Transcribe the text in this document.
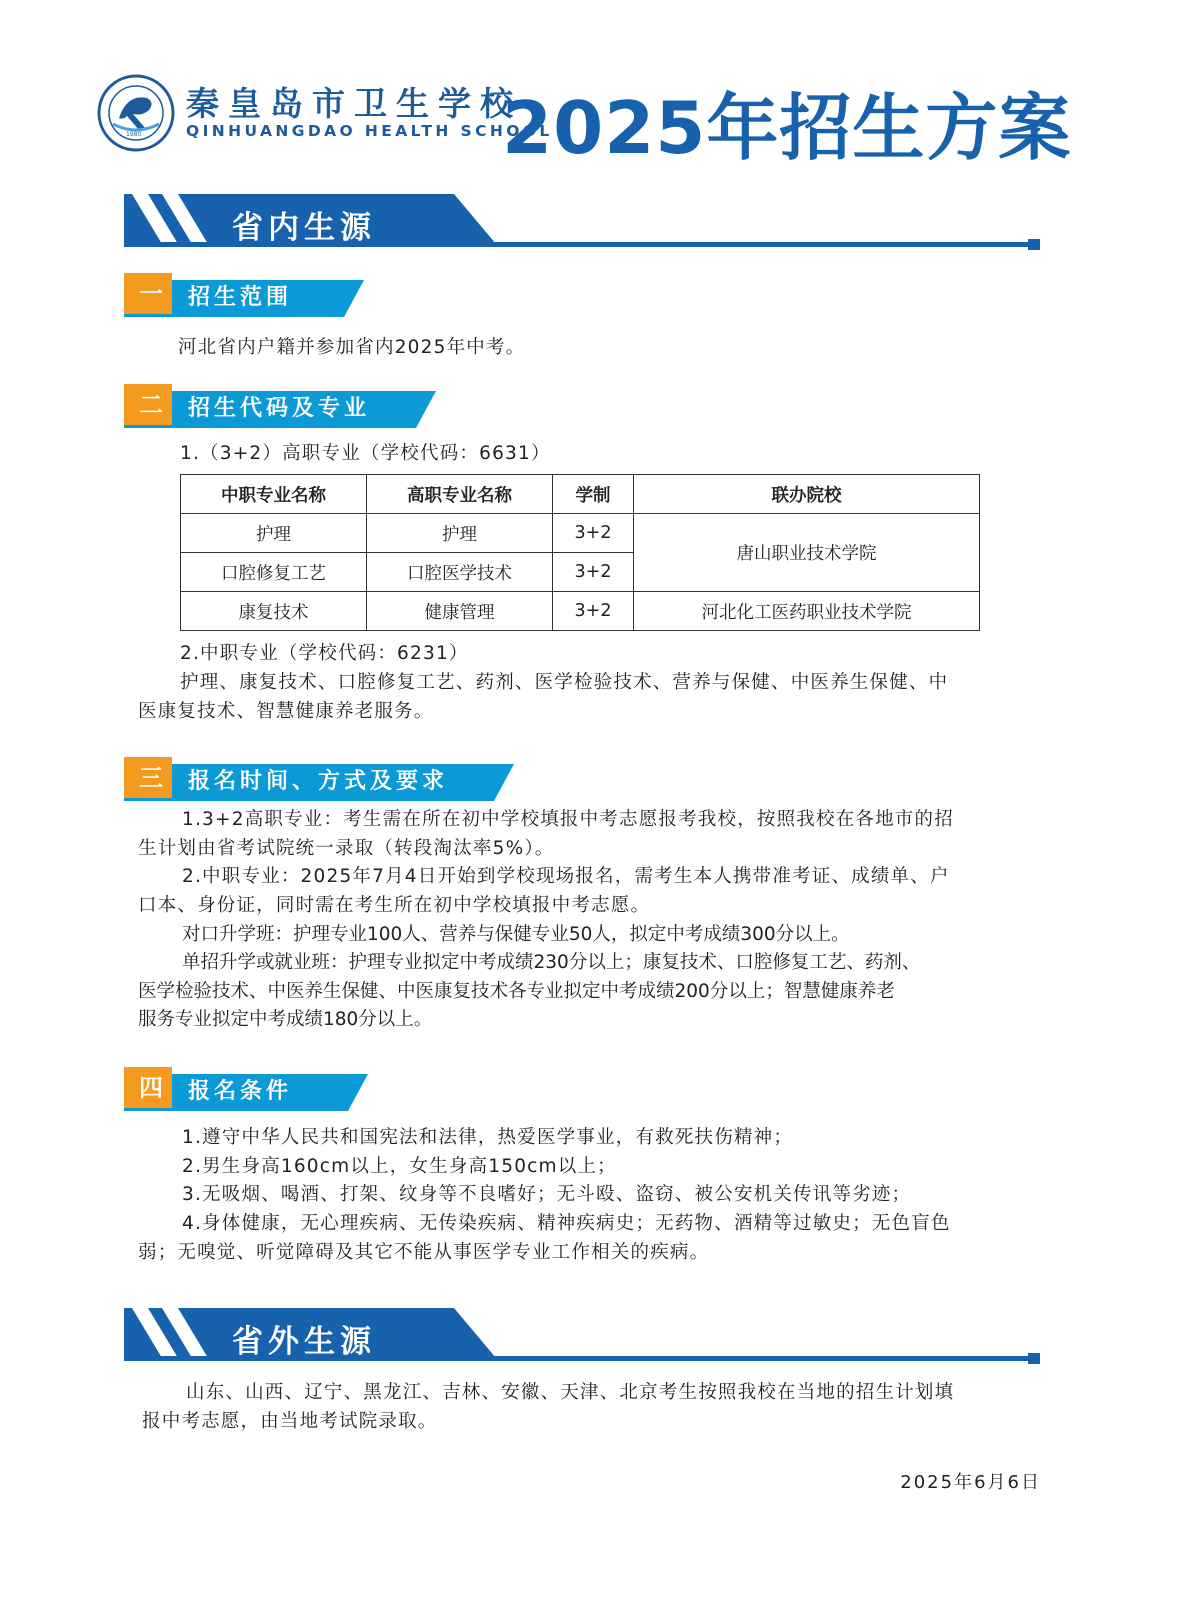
1980
秦皇岛市卫生学校
QINHUANGDAO HEALTH SCHOOL
2025年招生方案
省内生源
一	招生范围
河北省内户籍并参加省内2025年中考。
二	招生代码及专业
1.（3+2）高职专业（学校代码：6631）
中职专业名称	高职专业名称	学制	联办院校
护理	护理	3+2	唐山职业技术学院
口腔修复工艺	口腔医学技术	3+2	
康复技术	健康管理	3+2	河北化工医药职业技术学院
2.中职专业（学校代码：6231）
护理、康复技术、口腔修复工艺、药剂、医学检验技术、营养与保健、中医养生保健、中
医康复技术、智慧健康养老服务。
三	报名时间、方式及要求
1.3+2高职专业：考生需在所在初中学校填报中考志愿报考我校，按照我校在各地市的招
生计划由省考试院统一录取（转段淘汰率5%）。
2.中职专业：2025年7月4日开始到学校现场报名，需考生本人携带准考证、成绩单、户
口本、身份证，同时需在考生所在初中学校填报中考志愿。
对口升学班：护理专业100人、营养与保健专业50人，拟定中考成绩300分以上。
单招升学或就业班：护理专业拟定中考成绩230分以上；康复技术、口腔修复工艺、药剂、
医学检验技术、中医养生保健、中医康复技术各专业拟定中考成绩200分以上；智慧健康养老
服务专业拟定中考成绩180分以上。
四	报名条件
1.遵守中华人民共和国宪法和法律，热爱医学事业，有救死扶伤精神；
2.男生身高160cm以上，女生身高150cm以上；
3.无吸烟、喝酒、打架、纹身等不良嗜好；无斗殴、盗窃、被公安机关传讯等劣迹；
4.身体健康，无心理疾病、无传染疾病、精神疾病史；无药物、酒精等过敏史；无色盲色
弱；无嗅觉、听觉障碍及其它不能从事医学专业工作相关的疾病。
省外生源
山东、山西、辽宁、黑龙江、吉林、安徽、天津、北京考生按照我校在当地的招生计划填
报中考志愿，由当地考试院录取。
2025年6月6日
